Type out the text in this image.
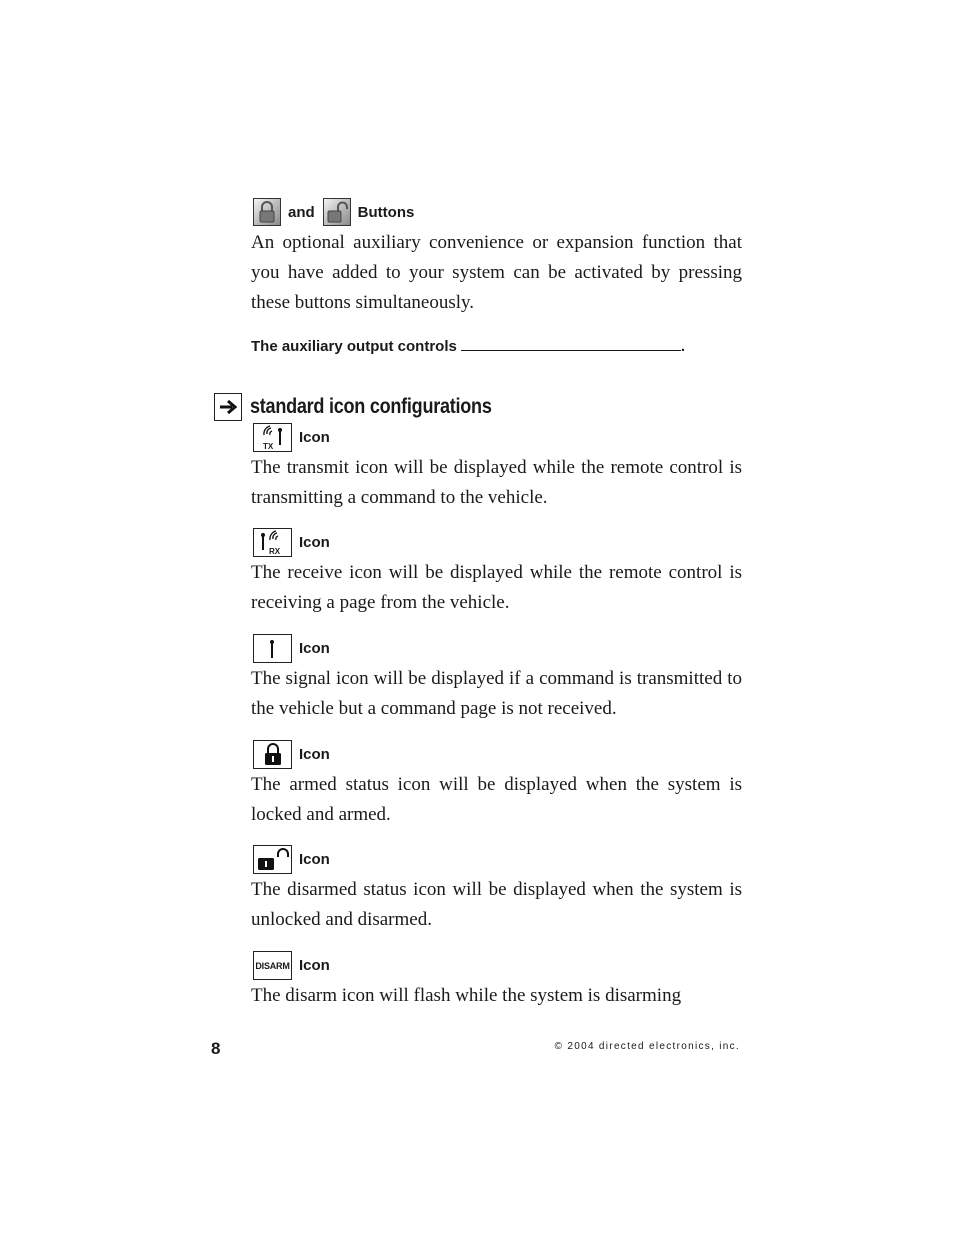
and	Buttons

An optional auxiliary convenience or expansion function that you have added to your system can be activated by pressing these buttons simultaneously.

The auxiliary output controls	.
standard icon configurations
TX
Icon

The transmit icon will be displayed while the remote control is transmitting a command to the vehicle.

RX
Icon

The receive icon will be displayed while the remote control is receiving a page from the vehicle.

Icon

The signal icon will be displayed if a command is transmitted to the vehicle but a command page is not received.

Icon

The armed status icon will be displayed when the system is locked and armed.

Icon

The disarmed status icon will be displayed when the system is unlocked and disarmed.

DISARM Icon

The disarm icon will flash while the system is disarming

8	© 2004 directed electronics, inc.
